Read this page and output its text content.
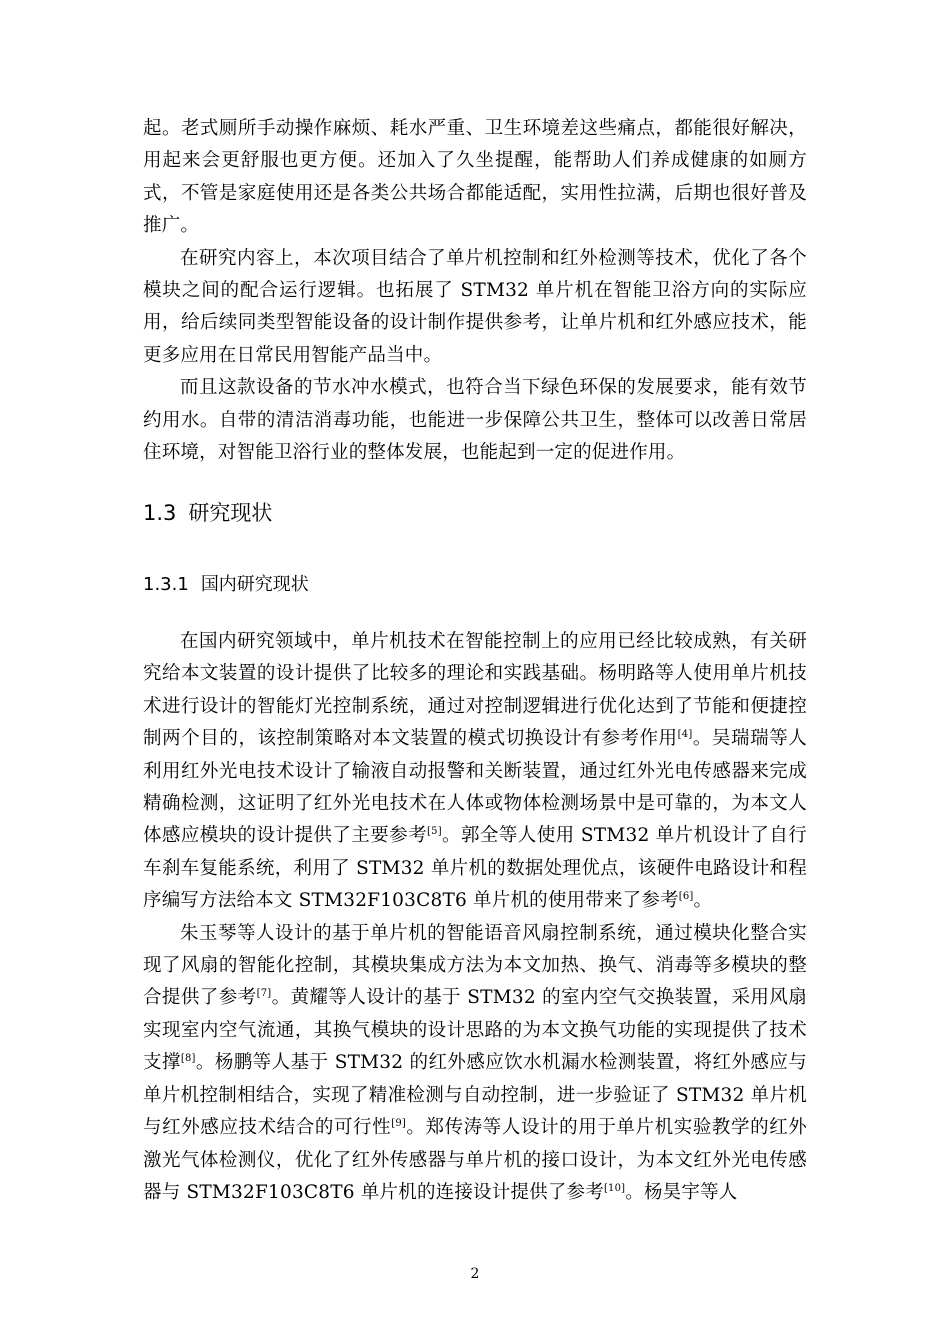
起。老式厕所手动操作麻烦、耗水严重、卫生环境差这些痛点，都能很好解决，用起来会更舒服也更方便。还加入了久坐提醒，能帮助人们养成健康的如厕方式，不管是家庭使用还是各类公共场合都能适配，实用性拉满，后期也很好普及推广。

在研究内容上，本次项目结合了单片机控制和红外检测等技术，优化了各个模块之间的配合运行逻辑。也拓展了 STM32 单片机在智能卫浴方向的实际应用，给后续同类型智能设备的设计制作提供参考，让单片机和红外感应技术，能更多应用在日常民用智能产品当中。

而且这款设备的节水冲水模式，也符合当下绿色环保的发展要求，能有效节约用水。自带的清洁消毒功能，也能进一步保障公共卫生，整体可以改善日常居住环境，对智能卫浴行业的整体发展，也能起到一定的促进作用。

1.3 研究现状
1.3.1 国内研究现状

在国内研究领域中，单片机技术在智能控制上的应用已经比较成熟，有关研究给本文装置的设计提供了比较多的理论和实践基础。杨明路等人使用单片机技术进行设计的智能灯光控制系统，通过对控制逻辑进行优化达到了节能和便捷控制两个目的，该控制策略对本文装置的模式切换设计有参考作用[4]。吴瑞瑞等人利用红外光电技术设计了输液自动报警和关断装置，通过红外光电传感器来完成精确检测，这证明了红外光电技术在人体或物体检测场景中是可靠的，为本文人体感应模块的设计提供了主要参考[5]。郭全等人使用 STM32 单片机设计了自行车刹车复能系统，利用了 STM32 单片机的数据处理优点，该硬件电路设计和程序编写方法给本文 STM32F103C8T6 单片机的使用带来了参考[6]。

朱玉琴等人设计的基于单片机的智能语音风扇控制系统，通过模块化整合实现了风扇的智能化控制，其模块集成方法为本文加热、换气、消毒等多模块的整合提供了参考[7]。黄耀等人设计的基于 STM32 的室内空气交换装置，采用风扇实现室内空气流通，其换气模块的设计思路的为本文换气功能的实现提供了技术支撑[8]。杨鹏等人基于 STM32 的红外感应饮水机漏水检测装置，将红外感应与单片机控制相结合，实现了精准检测与自动控制，进一步验证了 STM32 单片机与红外感应技术结合的可行性[9]。郑传涛等人设计的用于单片机实验教学的红外激光气体检测仪，优化了红外传感器与单片机的接口设计，为本文红外光电传感器与 STM32F103C8T6 单片机的连接设计提供了参考[10]。杨昊宇等人

2
